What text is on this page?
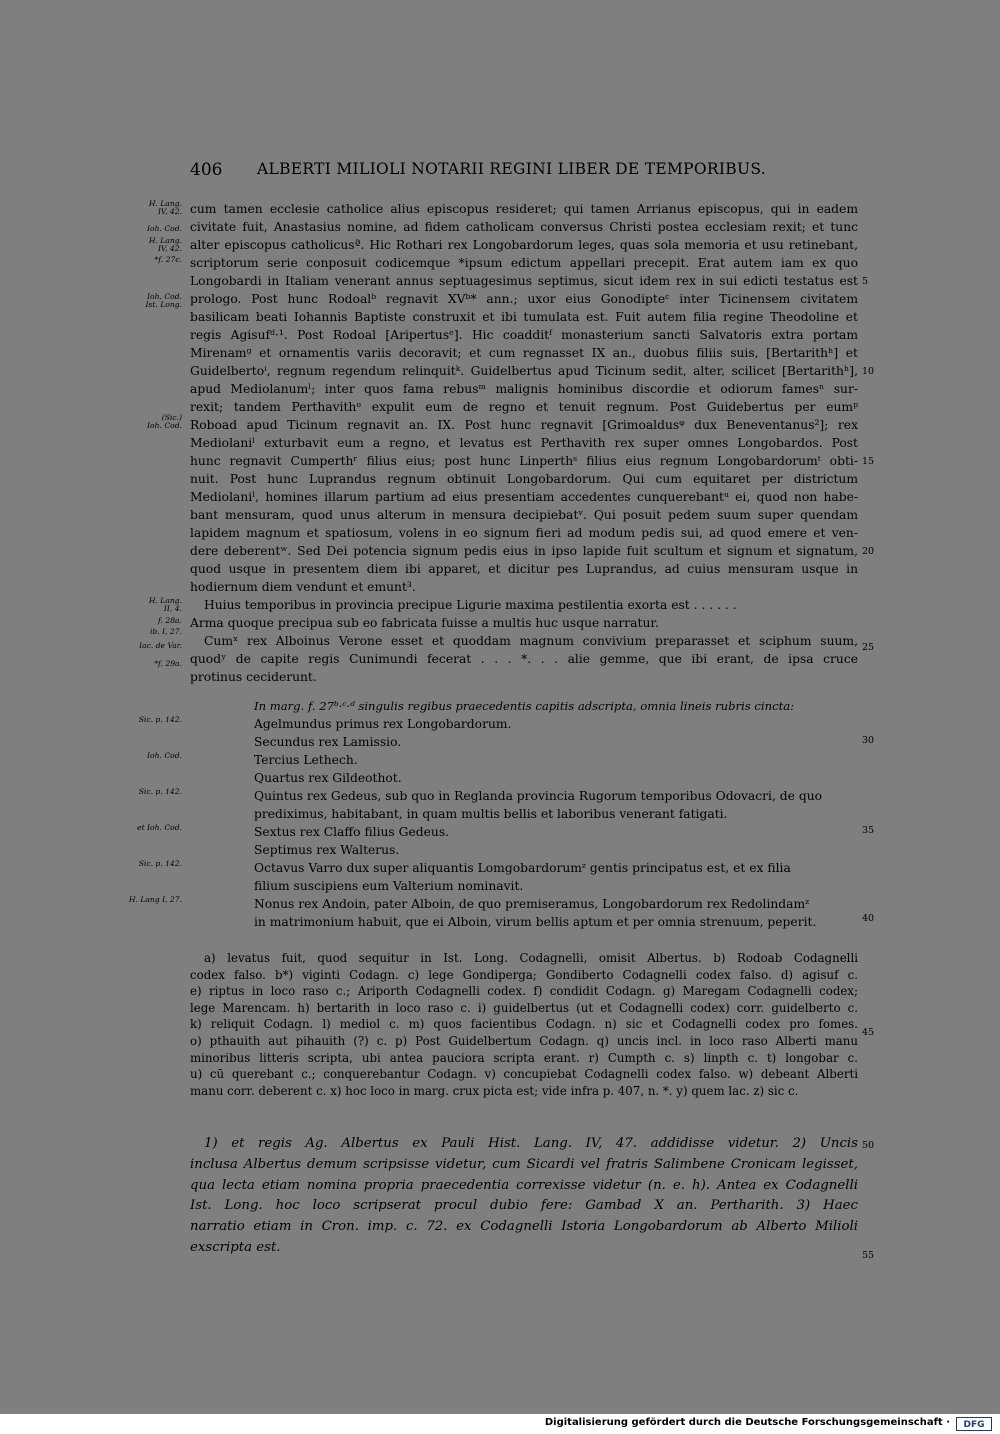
406 ALBERTI MILIOLI NOTARII REGINI LIBER DE TEMPORIBUS.
cum tamen ecclesie catholice alius episcopus resideret; qui tamen Arrianus episcopus, qui in eadem
civitate fuit, Anastasius nomine, ad fidem catholicam conversus Christi postea ecclesiam rexit; et tunc
alter episcopus catholicusª. Hic Rothari rex Longobardorum leges, quas sola memoria et usu retinebant,
scriptorum serie conposuit codicemque *ipsum edictum appellari precepit. Erat autem iam ex quo
Longobardi in Italiam venerant annus septuagesimus septimus, sicut idem rex in sui edicti testatus est
prologo. Post hunc Rodoalᵇ regnavit XVᵇ* ann.; uxor eius Gonodipteᶜ inter Ticinensem civitatem
basilicam beati Iohannis Baptiste construxit et ibi tumulata est. Fuit autem filia regine Theodoline et
regis Agisufᵈ·¹. Post Rodoal [Aripertusᵉ]. Hic coadditᶠ monasterium sancti Salvatoris extra portam
Mirenamᵍ et ornamentis variis decoravit; et cum regnasset IX an., duobus filiis suis, [Bertarithʰ] et
Guidelbertoⁱ, regnum regendum relinquitᵏ. Guidelbertus apud Ticinum sedit, alter, scilicet [Bertarithʰ],
apud Mediolanumˡ; inter quos fama rebusᵐ malignis hominibus discordie et odiorum famesⁿ sur-
rexit; tandem Perthavithᵒ expulit eum de regno et tenuit regnum. Post Guidebertus per eumᵖ
Roboad apud Ticinum regnavit an. IX. Post hunc regnavit [Grimoaldusᵠ dux Beneventanus²]; rex
Mediolaniˡ exturbavit eum a regno, et levatus est Perthavith rex super omnes Longobardos. Post
hunc regnavit Cumperthʳ filius eius; post hunc Linperthˢ filius eius regnum Longobardorumᵗ obti-
nuit. Post hunc Luprandus regnum obtinuit Longobardorum. Qui cum equitaret per districtum
Mediolaniˡ, homines illarum partium ad eius presentiam accedentes cunquerebantᵘ ei, quod non habe-
bant mensuram, quod unus alterum in mensura decipiebatᵛ. Qui posuit pedem suum super quendam
lapidem magnum et spatiosum, volens in eo signum fieri ad modum pedis sui, ad quod emere et ven-
dere deberentʷ. Sed Dei potencia signum pedis eius in ipso lapide fuit scultum et signum et signatum,
quod usque in presentem diem ibi apparet, et dicitur pes Luprandus, ad cuius mensuram usque in
hodiernum diem vendunt et emunt³.
Huius temporibus in provincia precipue Ligurie maxima pestilentia exorta est . . . . . .
Arma quoque precipua sub eo fabricata fuisse a multis huc usque narratur.
Cumˣ rex Alboinus Verone esset et quoddam magnum convivium preparasset et sciphum suum,
quodʸ de capite regis Cunimundi fecerat . . . *. . . alie gemme, que ibi erant, de ipsa cruce
protinus ceciderunt.
H. Lang.
IV, 42.
Ioh. Cod.
H. Lang.
IV, 42.
*f. 27c.
Ioh. Cod.
Ist. Long.
(Sic.)
Ioh. Cod.
H. Lang.
II, 4.
f. 28a.
ib. I, 27.
Iac. de Var.
*f. 29a.
Sic. p. 142.
Ioh. Cod.
Sic. p. 142.
et Ioh. Cod.
Sic. p. 142.
H. Lang I, 27.
5
10
15
20
25
30
35
40
45
50
55
In marg. f. 27ᵇ·ᶜ·ᵈ singulis regibus praecedentis capitis adscripta, omnia lineis rubris cincta:
Agelmundus primus rex Longobardorum.
Secundus rex Lamissio.
Tercius Lethech.
Quartus rex Gildeothot.
Quintus rex Gedeus, sub quo in Reglanda provincia Rugorum temporibus Odovacri, de quo
prediximus, habitabant, in quam multis bellis et laboribus venerant fatigati.
Sextus rex Claffo filius Gedeus.
Septimus rex Walterus.
Octavus Varro dux super aliquantis Lomgobardorumᶻ gentis principatus est, et ex filia
filium suscipiens eum Valterium nominavit.
Nonus rex Andoin, pater Alboin, de quo premiseramus, Longobardorum rex Redolindamᶻ
in matrimonium habuit, que ei Alboin, virum bellis aptum et per omnia strenuum, peperit.
a) levatus fuit, quod sequitur in Ist. Long. Codagnelli, omisit Albertus. b) Rodoab Codagnelli
codex falso. b*) viginti Codagn. c) lege Gondiperga; Gondiberto Codagnelli codex falso. d) agisuf c.
e) riptus in loco raso c.; Ariporth Codagnelli codex. f) condidit Codagn. g) Maregam Codagnelli codex;
lege Marencam. h) bertarith in loco raso c. i) guidelbertus (ut et Codagnelli codex) corr. guidelberto c.
k) reliquit Codagn. l) mediol c. m) quos facientibus Codagn. n) sic et Codagnelli codex pro fomes.
o) pthauith aut pihauith (?) c. p) Post Guidelbertum Codagn. q) uncis incl. in loco raso Alberti manu
minoribus litteris scripta, ubi antea pauciora scripta erant. r) Cumpth c. s) linpth c. t) longobar c.
u) cū querebant c.; conquerebantur Codagn. v) concupiebat Codagnelli codex falso. w) debeant Alberti
manu corr. deberent c. x) hoc loco in marg. crux picta est; vide infra p. 407, n. *. y) quem lac. z) sic c.
1) et regis Ag. Albertus ex Pauli Hist. Lang. IV, 47. addidisse videtur. 2) Uncis
inclusa Albertus demum scripsisse videtur, cum Sicardi vel fratris Salimbene Cronicam legisset,
qua lecta etiam nomina propria praecedentia correxisse videtur (n. e. h). Antea ex Codagnelli
Ist. Long. hoc loco scripserat procul dubio fere: Gambad X an. Pertharith. 3) Haec
narratio etiam in Cron. imp. c. 72. ex Codagnelli Istoria Longobardorum ab Alberto Milioli
exscripta est.
Digitalisierung gefördert durch die Deutsche Forschungsgemeinschaft ·	DFG
